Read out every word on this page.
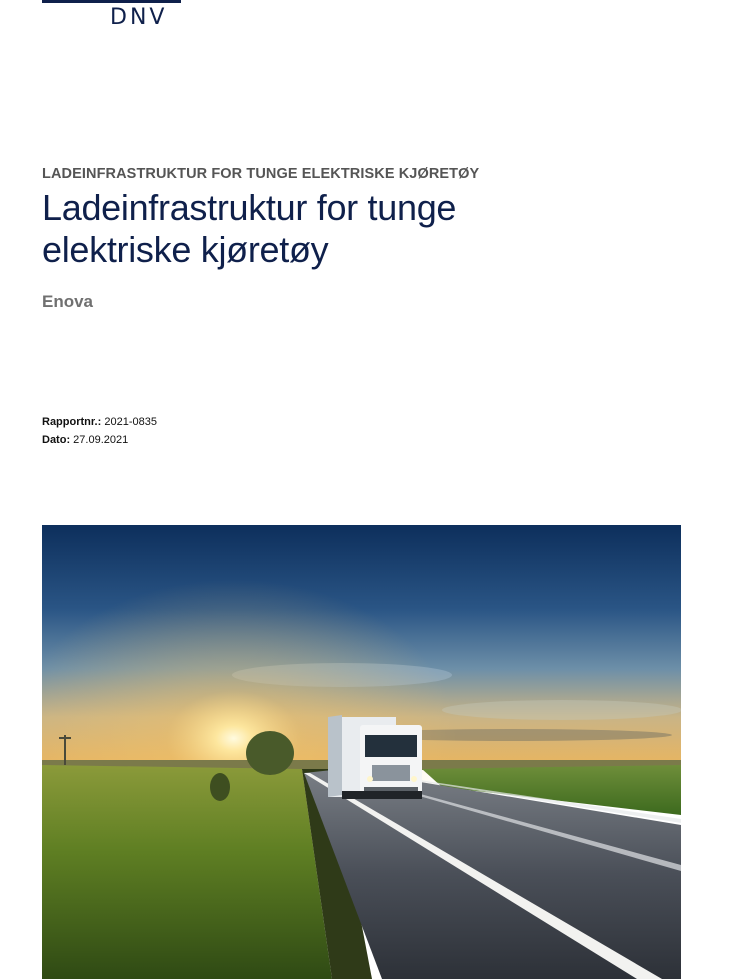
DNV
LADEINFRASTRUKTUR FOR TUNGE ELEKTRISKE KJØRETØY
Ladeinfrastruktur for tunge
elektriske kjøretøy
Enova
Rapportnr.: 2021-0835
Dato: 27.09.2021
